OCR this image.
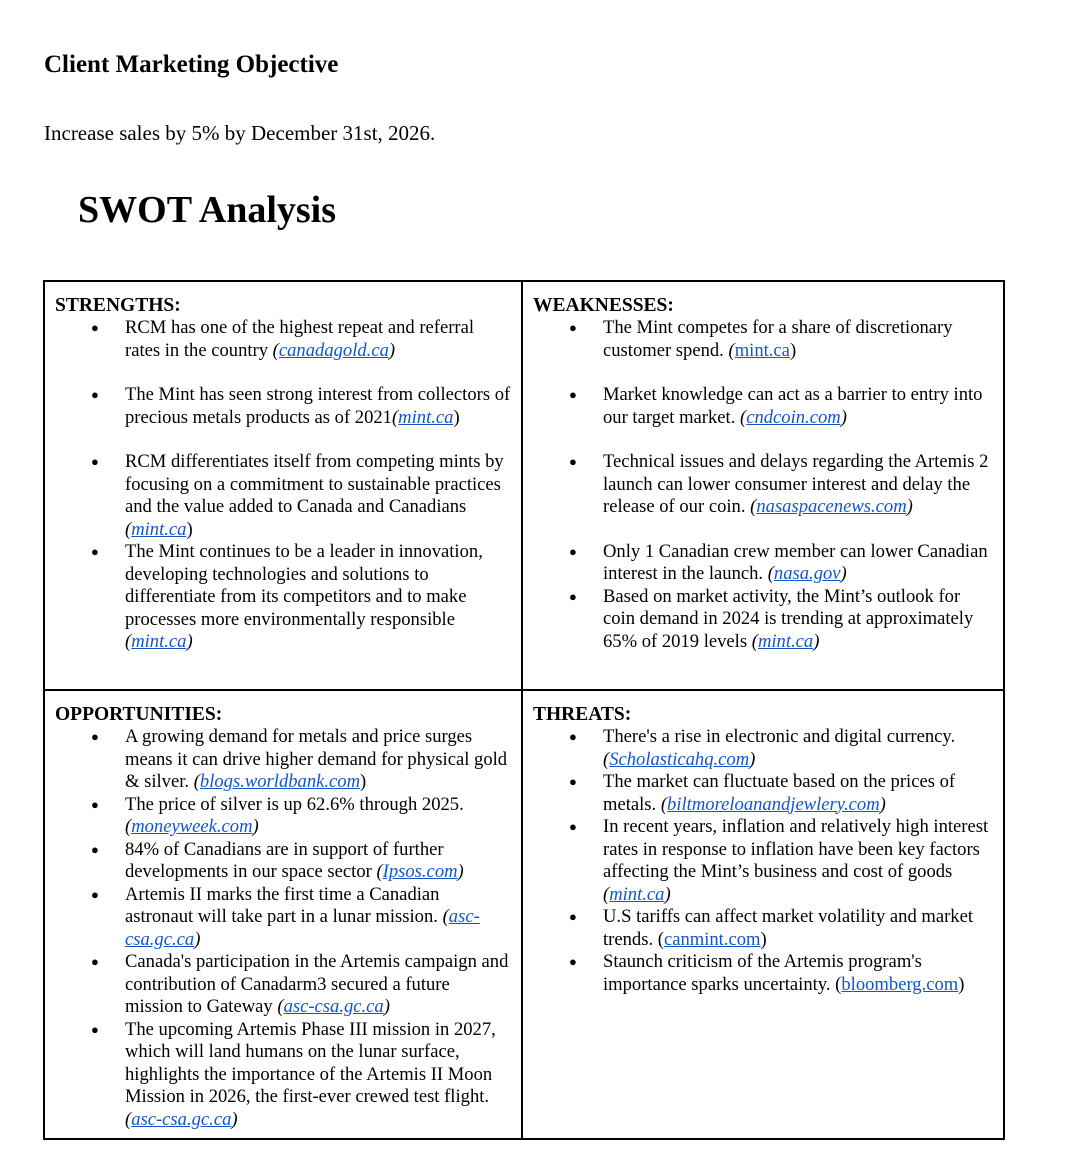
Client Marketing Objective

Increase sales by 5% by December 31st, 2026.

SWOT Analysis
STRENGTHS:
● RCM has one of the highest repeat and referral rates in the country (canadagold.ca)
● The Mint has seen strong interest from collectors of precious metals products as of 2021(mint.ca)
● RCM differentiates itself from competing mints by focusing on a commitment to sustainable practices and the value added to Canada and Canadians (mint.ca)
● The Mint continues to be a leader in innovation, developing technologies and solutions to differentiate from its competitors and to make processes more environmentally responsible (mint.ca)
WEAKNESSES:
● The Mint competes for a share of discretionary customer spend. (mint.ca)
● Market knowledge can act as a barrier to entry into our target market. (cndcoin.com)
● Technical issues and delays regarding the Artemis 2 launch can lower consumer interest and delay the release of our coin. (nasaspacenews.com)
● Only 1 Canadian crew member can lower Canadian interest in the launch. (nasa.gov)
● Based on market activity, the Mint’s outlook for coin demand in 2024 is trending at approximately 65% of 2019 levels (mint.ca)
OPPORTUNITIES:
● A growing demand for metals and price surges means it can drive higher demand for physical gold & silver. (blogs.worldbank.com)
● The price of silver is up 62.6% through 2025. (moneyweek.com)
● 84% of Canadians are in support of further developments in our space sector (Ipsos.com)
● Artemis II marks the first time a Canadian astronaut will take part in a lunar mission. (asc-csa.gc.ca)
● Canada's participation in the Artemis campaign and contribution of Canadarm3 secured a future mission to Gateway (asc-csa.gc.ca)
● The upcoming Artemis Phase III mission in 2027, which will land humans on the lunar surface, highlights the importance of the Artemis II Moon Mission in 2026, the first-ever crewed test flight. (asc-csa.gc.ca)
THREATS:
● There's a rise in electronic and digital currency. (Scholasticahq.com)
● The market can fluctuate based on the prices of metals. (biltmoreloanandjewlery.com)
● In recent years, inflation and relatively high interest rates in response to inflation have been key factors affecting the Mint’s business and cost of goods (mint.ca)
● U.S tariffs can affect market volatility and market trends. (canmint.com)
● Staunch criticism of the Artemis program's importance sparks uncertainty. (bloomberg.com)
